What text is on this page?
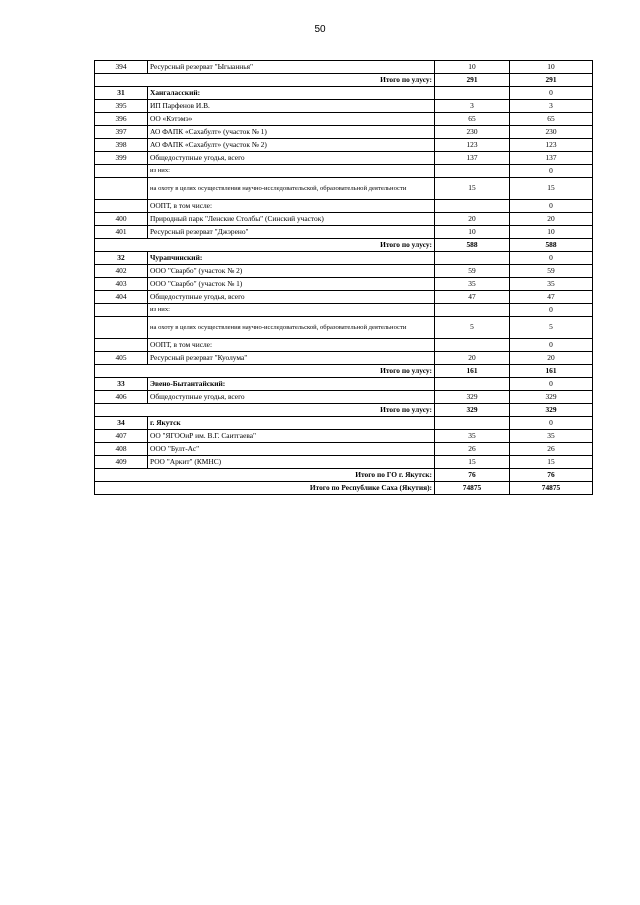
50
394	Ресурсный резерват "Ыгыаннья"	10	10
Итого по улусу:		291	291
31	Хангаласский:		0
395	ИП Парфенов И.В.	3	3
396	ОО «Кэтэмэ»	65	65
397	АО ФАПК «Сахабулт» (участок № 1)	230	230
398	АО ФАПК «Сахабулт» (участок № 2)	123	123
399	Общедоступные угодья, всего	137	137
	из них:		0
	на охоту в целях осуществления научно-исследовательской, образовательной деятельности	15	15
	ООПТ, в том числе:		0
400	Природный парк "Ленские Столбы" (Синский участок)	20	20
401	Ресурсный резерват "Джэрено"	10	10
Итого по улусу:		588	588
32	Чурапчинский:		0
402	ООО "Сварбо" (участок № 2)	59	59
403	ООО "Сварбо" (участок № 1)	35	35
404	Общедоступные угодья, всего	47	47
	из них:		0
	на охоту в целях осуществления научно-исследовательской, образовательной деятельности	5	5
	ООПТ, в том числе:		0
405	Ресурсный резерват "Куолума"	20	20
Итого по улусу:		161	161
33	Эвено-Бытантайский:		0
406	Общедоступные угодья, всего	329	329
Итого по улусу:		329	329
34	г. Якутск		0
407	ОО "ЯГООиР им. В.Г. Саитгаева"	35	35
408	ООО "Булт-Ас"	26	26
409	РОО "Аркит" (КМНС)	15	15
Итого по ГО г. Якутск:		76	76
Итого по Республике Саха (Якутия):		74875	74875
